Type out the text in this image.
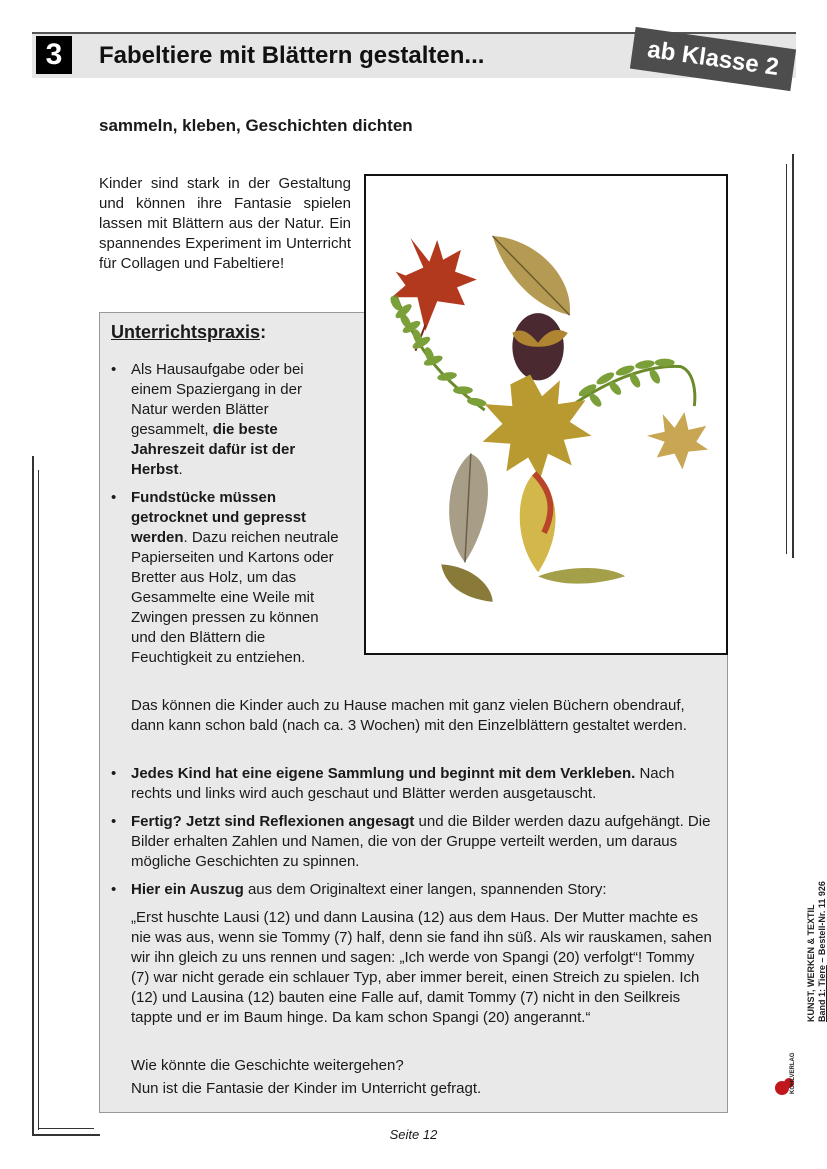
3	Fabeltiere mit Blättern gestalten...	ab Klasse 2
sammeln, kleben, Geschichten dichten
Kinder sind stark in der Gestaltung und können ihre Fantasie spielen lassen mit Blättern aus der Natur. Ein spannendes Experiment im Unterricht für Collagen und Fabeltiere!
Unterrichtspraxis:
• Als Hausaufgabe oder bei einem Spaziergang in der Natur werden Blätter gesammelt, die beste Jahreszeit dafür ist der Herbst.
• Fundstücke müssen getrocknet und gepresst werden. Dazu reichen neutrale Papierseiten und Kartons oder Bretter aus Holz, um das Gesammelte eine Weile mit Zwingen pressen zu können und den Blättern die Feuchtigkeit zu entziehen.
Das können die Kinder auch zu Hause machen mit ganz vielen Büchern obendrauf, dann kann schon bald (nach ca. 3 Wochen) mit den Einzelblättern gestaltet werden.
• Jedes Kind hat eine eigene Sammlung und beginnt mit dem Verkleben. Nach rechts und links wird auch geschaut und Blätter werden ausgetauscht.
• Fertig? Jetzt sind Reflexionen angesagt und die Bilder werden dazu aufgehängt. Die Bilder erhalten Zahlen und Namen, die von der Gruppe verteilt werden, um daraus mögliche Geschichten zu spinnen.
• Hier ein Auszug aus dem Originaltext einer langen, spannenden Story:
„Erst huschte Lausi (12) und dann Lausina (12) aus dem Haus. Der Mutter machte es nie was aus, wenn sie Tommy (7) half, denn sie fand ihn süß. Als wir rauskamen, sahen wir ihn gleich zu uns rennen und sagen: „Ich werde von Spangi (20) verfolgt“! Tommy (7) war nicht gerade ein schlauer Typ, aber immer bereit, einen Streich zu spielen. Ich (12) und Lausina (12) bauten eine Falle auf, damit Tommy (7) nicht in den Seilkreis tappte und er im Baum hinge. Da kam schon Spangi (20) angerannt.“
Wie könnte die Geschichte weitergehen?
Nun ist die Fantasie der Kinder im Unterricht gefragt.
KUNST, WERKEN & TEXTIL Band 1: Tiere – Bestell-Nr. 11 926
KOHLVERLAG
Seite 12
